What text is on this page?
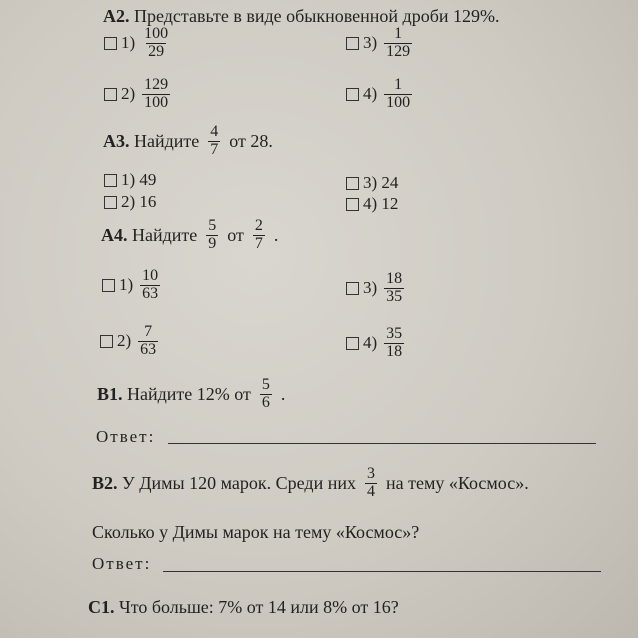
A2. Представьте в виде обыкновенной дроби 129%.
$1) \frac{100}{29}$	$3) \frac{1}{129}$
$2) \frac{129}{100}$	$4) \frac{1}{100}$
A3. Найдите $\frac{4}{7}$ от 28.
1) 49
2) 16
3) 24
4) 12
A4. Найдите $\frac{5}{9}$ от $\frac{2}{7}$ .
$1) \frac{10}{63}$	$3) \frac{18}{35}$
$2) \frac{7}{63}$	$4) \frac{35}{18}$
B1. Найдите 12% от $\frac{5}{6}$ .
Ответ:
B2. У Димы 120 марок. Среди них $\frac{3}{4}$ на тему «Космос».
Сколько у Димы марок на тему «Космос»?
Ответ:
C1. Что больше: 7% от 14 или 8% от 16?
